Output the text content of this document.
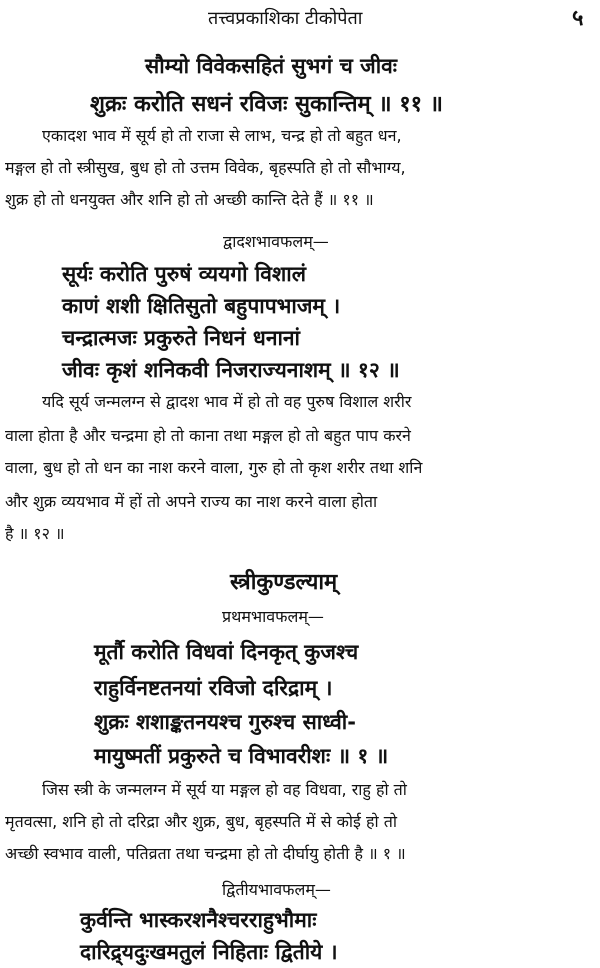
तत्त्वप्रकाशिका टीकोपेता	५
सौम्यो विवेकसहितं सुभगं च जीवः
शुक्रः करोति सधनं रविजः सुकान्तिम् ॥ ११ ॥
एकादश भाव में सूर्य हो तो राजा से लाभ, चन्द्र हो तो बहुत धन,
मङ्गल हो तो स्त्रीसुख, बुध हो तो उत्तम विवेक, बृहस्पति हो तो सौभाग्य,
शुक्र हो तो धनयुक्त और शनि हो तो अच्छी कान्ति देते हैं ॥ ११ ॥
द्वादशभावफलम्—
सूर्यः करोति पुरुषं व्ययगो विशालं
काणं शशी क्षितिसुतो बहुपापभाजम् ।
चन्द्रात्मजः प्रकुरुते निधनं धनानां
जीवः कृशं शनिकवी निजराज्यनाशम् ॥ १२ ॥
यदि सूर्य जन्मलग्न से द्वादश भाव में हो तो वह पुरुष विशाल शरीर
वाला होता है और चन्द्रमा हो तो काना तथा मङ्गल हो तो बहुत पाप करने
वाला, बुध हो तो धन का नाश करने वाला, गुरु हो तो कृश शरीर तथा शनि
और शुक्र व्ययभाव में हों तो अपने राज्य का नाश करने वाला होता
है ॥ १२ ॥
स्त्रीकुण्डल्याम्
प्रथमभावफलम्—
मूर्तौ करोति विधवां दिनकृत् कुजश्च
राहुर्विनष्टतनयां रविजो दरिद्राम् ।
शुक्रः शशाङ्कतनयश्च गुरुश्च साध्वी-
मायुष्मतीं प्रकुरुते च विभावरीशः ॥ १ ॥
जिस स्त्री के जन्मलग्न में सूर्य या मङ्गल हो वह विधवा, राहु हो तो
मृतवत्सा, शनि हो तो दरिद्रा और शुक्र, बुध, बृहस्पति में से कोई हो तो
अच्छी स्वभाव वाली, पतिव्रता तथा चन्द्रमा हो तो दीर्घायु होती है ॥ १ ॥
द्वितीयभावफलम्—
कुर्वन्ति भास्करशनैश्चरराहुभौमाः
दारिद्र्यदुःखमतुलं निहिताः द्वितीये ।
